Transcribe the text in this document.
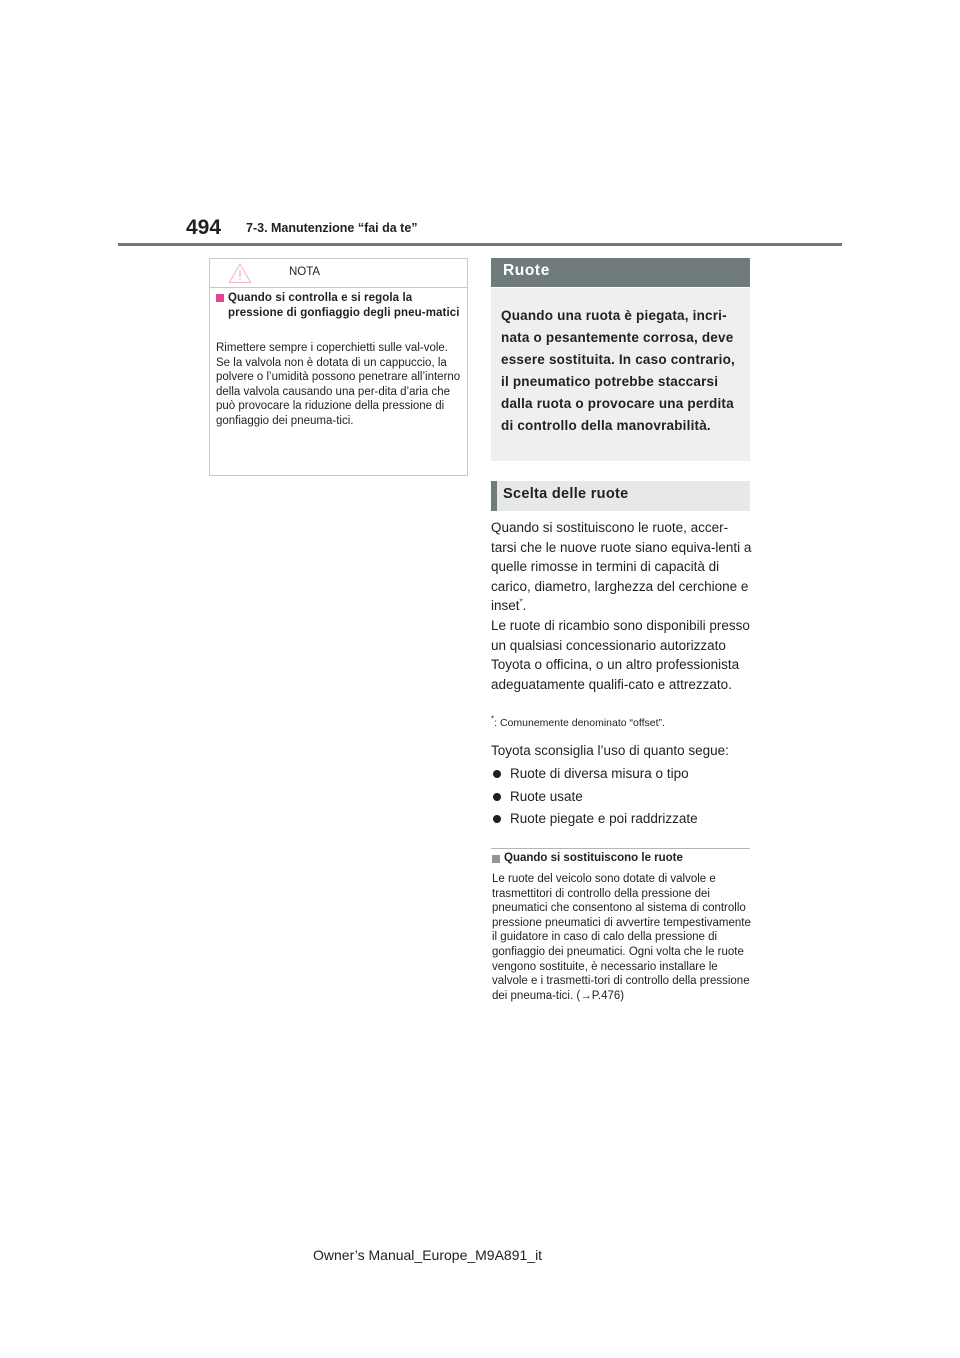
494 7-3. Manutenzione “fai da te”
NOTA
Quando si controlla e si regola la pressione di gonfiaggio degli pneu-matici
Rimettere sempre i coperchietti sulle val-vole.
Se la valvola non è dotata di un cappuccio, la polvere o l’umidità possono penetrare all’interno della valvola causando una per-dita d’aria che può provocare la riduzione della pressione di gonfiaggio dei pneuma-tici.
Ruote
Quando una ruota è piegata, incri-nata o pesantemente corrosa, deve essere sostituita. In caso contrario, il pneumatico potrebbe staccarsi dalla ruota o provocare una perdita di controllo della manovrabilità.
Scelta delle ruote

Quando si sostituiscono le ruote, accer-tarsi che le nuove ruote siano equiva-lenti a quelle rimosse in termini di capacità di carico, diametro, larghezza del cerchione e inset*.

Le ruote di ricambio sono disponibili presso un qualsiasi concessionario autorizzato Toyota o officina, o un altro professionista adeguatamente qualifi-cato e attrezzato.

*: Comunemente denominato “offset”.
Toyota sconsiglia l’uso di quanto segue:
Ruote di diversa misura o tipo
Ruote usate
Ruote piegate e poi raddrizzate
Quando si sostituiscono le ruote
Le ruote del veicolo sono dotate di valvole e trasmettitori di controllo della pressione dei pneumatici che consentono al sistema di controllo pressione pneumatici di avvertire tempestivamente il guidatore in caso di calo della pressione di gonfiaggio dei pneumatici. Ogni volta che le ruote vengono sostituite, è necessario installare le valvole e i trasmetti-tori di controllo della pressione dei pneuma-tici. (→P.476)
Owner’s Manual_Europe_M9A891_it
